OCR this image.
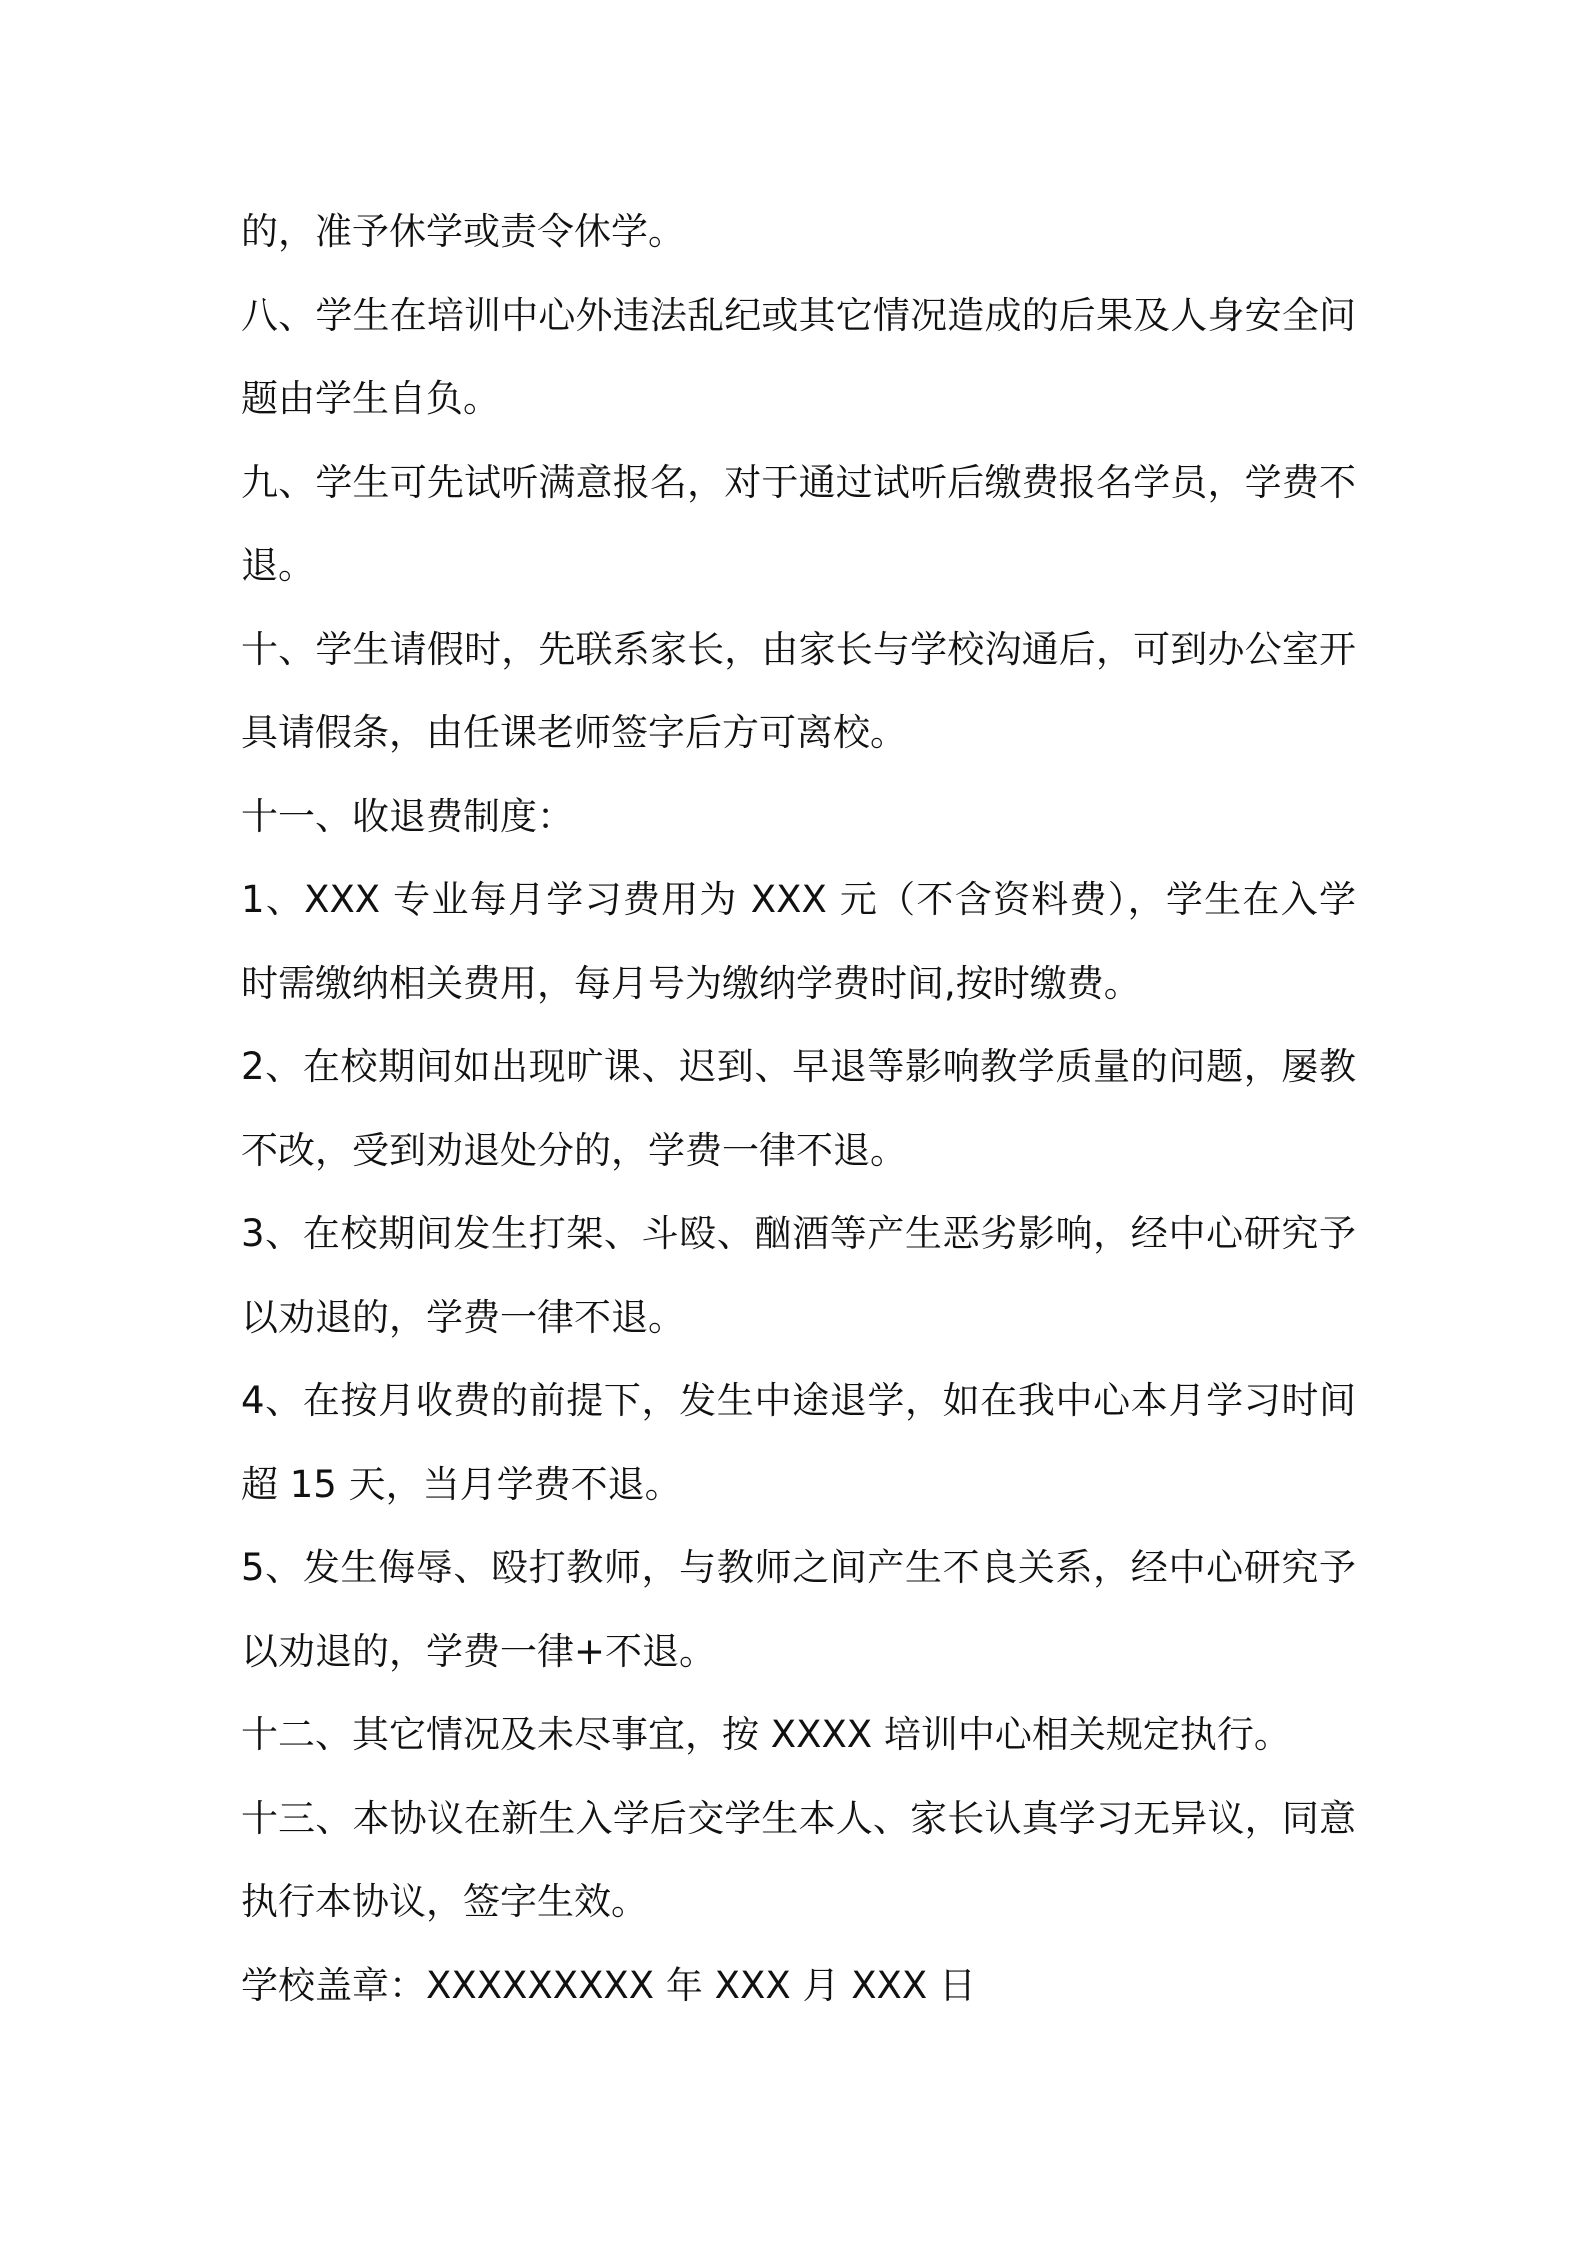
的，准予休学或责令休学。

八、学生在培训中心外违法乱纪或其它情况造成的后果及人身安全问题由学生自负。

九、学生可先试听满意报名，对于通过试听后缴费报名学员，学费不退。

十、学生请假时，先联系家长，由家长与学校沟通后，可到办公室开具请假条，由任课老师签字后方可离校。

十一、收退费制度：

1、XXX 专业每月学习费用为 XXX 元（不含资料费），学生在入学时需缴纳相关费用，每月号为缴纳学费时间,按时缴费。

2、在校期间如出现旷课、迟到、早退等影响教学质量的问题，屡教不改，受到劝退处分的，学费一律不退。

3、在校期间发生打架、斗殴、酗酒等产生恶劣影响，经中心研究予以劝退的，学费一律不退。

4、在按月收费的前提下，发生中途退学，如在我中心本月学习时间超 15 天，当月学费不退。

5、发生侮辱、殴打教师，与教师之间产生不良关系，经中心研究予以劝退的，学费一律+不退。

十二、其它情况及未尽事宜，按 XXXX 培训中心相关规定执行。

十三、本协议在新生入学后交学生本人、家长认真学习无异议，同意执行本协议，签字生效。

学校盖章：XXXXXXXXX 年 XXX 月 XXX 日
